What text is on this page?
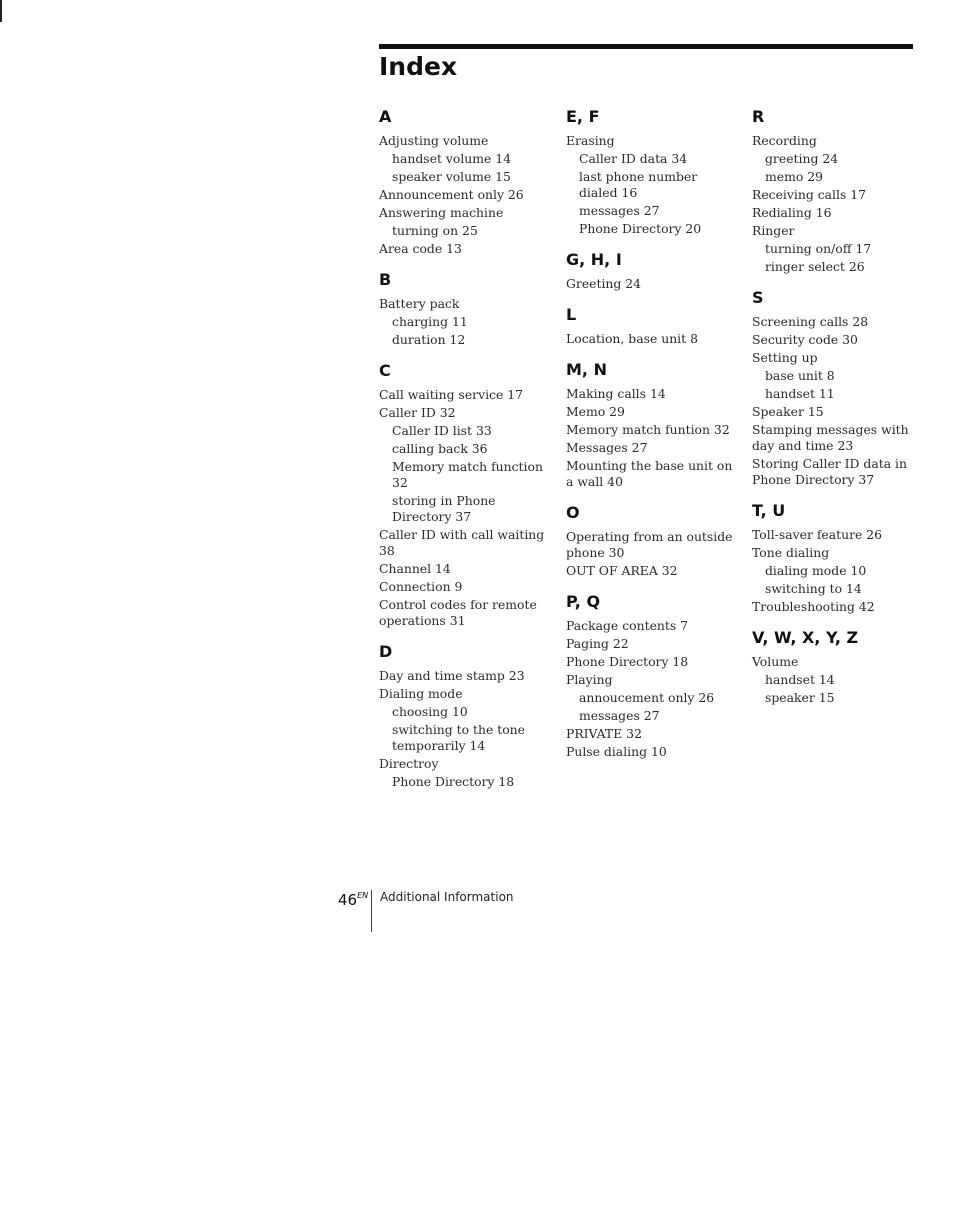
Index
A
Adjusting volume
handset volume 14
speaker volume 15
Announcement only 26
Answering machine
turning on 25
Area code 13
B
Battery pack
charging 11
duration 12
C
Call waiting service 17
Caller ID 32
Caller ID list 33
calling back 36
Memory match function 32
storing in Phone Directory 37
Caller ID with call waiting 38
Channel 14
Connection 9
Control codes for remote operations 31
D
Day and time stamp 23
Dialing mode
choosing 10
switching to the tone temporarily 14
Directroy
Phone Directory 18
E, F
Erasing
Caller ID data 34
last phone number dialed 16
messages 27
Phone Directory 20
G, H, I
Greeting 24
L
Location, base unit 8
M, N
Making calls 14
Memo 29
Memory match funtion 32
Messages 27
Mounting the base unit on a wall 40
O
Operating from an outside phone 30
OUT OF AREA 32
P, Q
Package contents 7
Paging 22
Phone Directory 18
Playing
annoucement only 26
messages 27
PRIVATE 32
Pulse dialing 10
R
Recording
greeting 24
memo 29
Receiving calls 17
Redialing 16
Ringer
turning on/off 17
ringer select 26
S
Screening calls 28
Security code 30
Setting up
base unit 8
handset 11
Speaker 15
Stamping messages with day and time 23
Storing Caller ID data in Phone Directory 37
T, U
Toll-saver feature 26
Tone dialing
dialing mode 10
switching to 14
Troubleshooting 42
V, W, X, Y, Z
Volume
handset 14
speaker 15
$46^{EN}$ Additional Information
